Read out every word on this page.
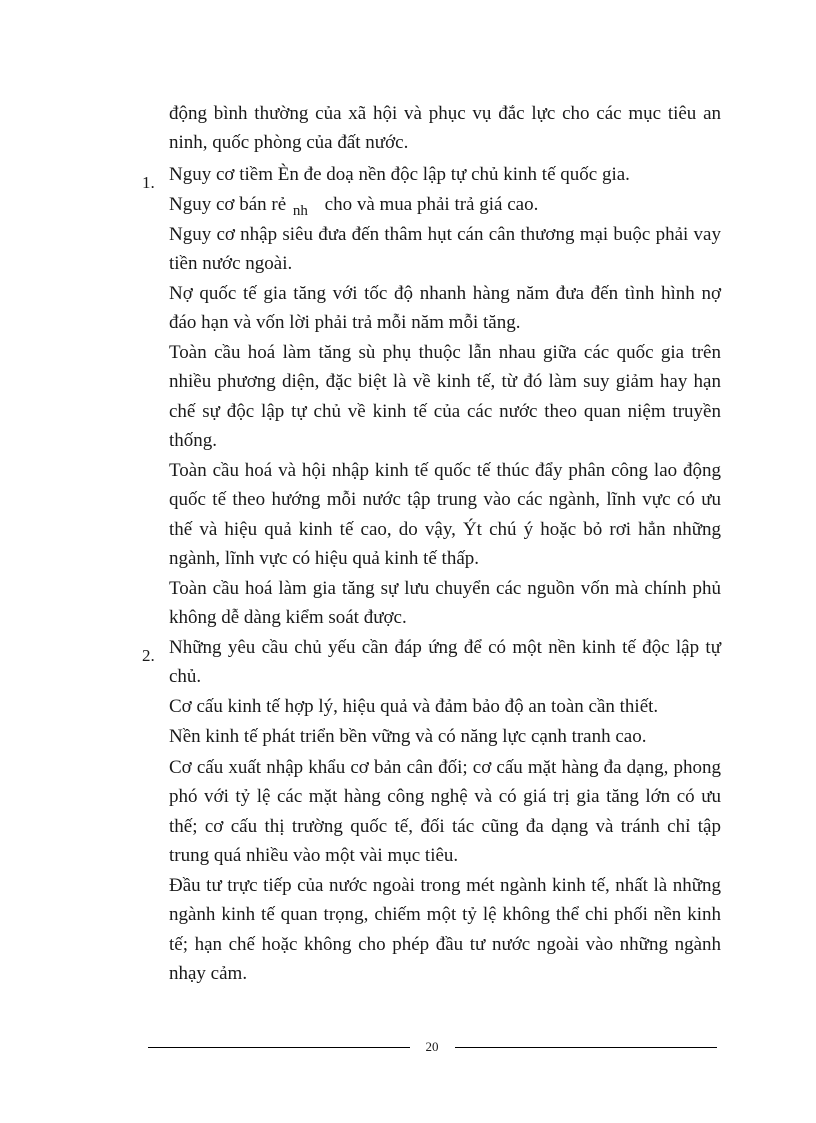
động bình thường của xã hội và phục vụ đắc lực cho các mục tiêu an
ninh, quốc phòng của đất nước.
1. Nguy cơ tiềm Èn đe doạ nền độc lập tự chủ kinh tế quốc gia.
Nguy cơ bán rẻ $_{nh}$ cho và mua phải trả giá cao.
Nguy cơ nhập siêu đưa đến thâm hụt cán cân thương mại buộc phải vay
tiền nước ngoài.
Nợ quốc tế gia tăng với tốc độ nhanh hàng năm đưa đến tình hình nợ
đáo hạn và vốn lời phải trả mỗi năm mỗi tăng.
Toàn cầu hoá làm tăng sù phụ thuộc lẫn nhau giữa các quốc gia trên
nhiều phương diện, đặc biệt là về kinh tế, từ đó làm suy giảm hay hạn
chế sự độc lập tự chủ về kinh tế của các nước theo quan niệm truyền
thống.
Toàn cầu hoá và hội nhập kinh tế quốc tế thúc đẩy phân công lao động
quốc tế theo hướng mỗi nước tập trung vào các ngành, lĩnh vực có ưu
thế và hiệu quả kinh tế cao, do vậy, Ýt chú ý hoặc bỏ rơi hẳn những
ngành, lĩnh vực có hiệu quả kinh tế thấp.
Toàn cầu hoá làm gia tăng sự lưu chuyển các nguồn vốn mà chính phủ
không dễ dàng kiểm soát được.
2. Những yêu cầu chủ yếu cần đáp ứng để có một nền kinh tế độc lập tự
chủ.
Cơ cấu kinh tế hợp lý, hiệu quả và đảm bảo độ an toàn cần thiết.
Nền kinh tế phát triển bền vững và có năng lực cạnh tranh cao.
Cơ cấu xuất nhập khẩu cơ bản cân đối; cơ cấu mặt hàng đa dạng, phong
phó với tỷ lệ các mặt hàng công nghệ và có giá trị gia tăng lớn có ưu
thế; cơ cấu thị trường quốc tế, đối tác cũng đa dạng và tránh chỉ tập
trung quá nhiều vào một vài mục tiêu.
Đầu tư trực tiếp của nước ngoài trong mét ngành kinh tế, nhất là những
ngành kinh tế quan trọng, chiếm một tỷ lệ không thể chi phối nền kinh
tế; hạn chế hoặc không cho phép đầu tư nước ngoài vào những ngành
nhạy cảm.
20
